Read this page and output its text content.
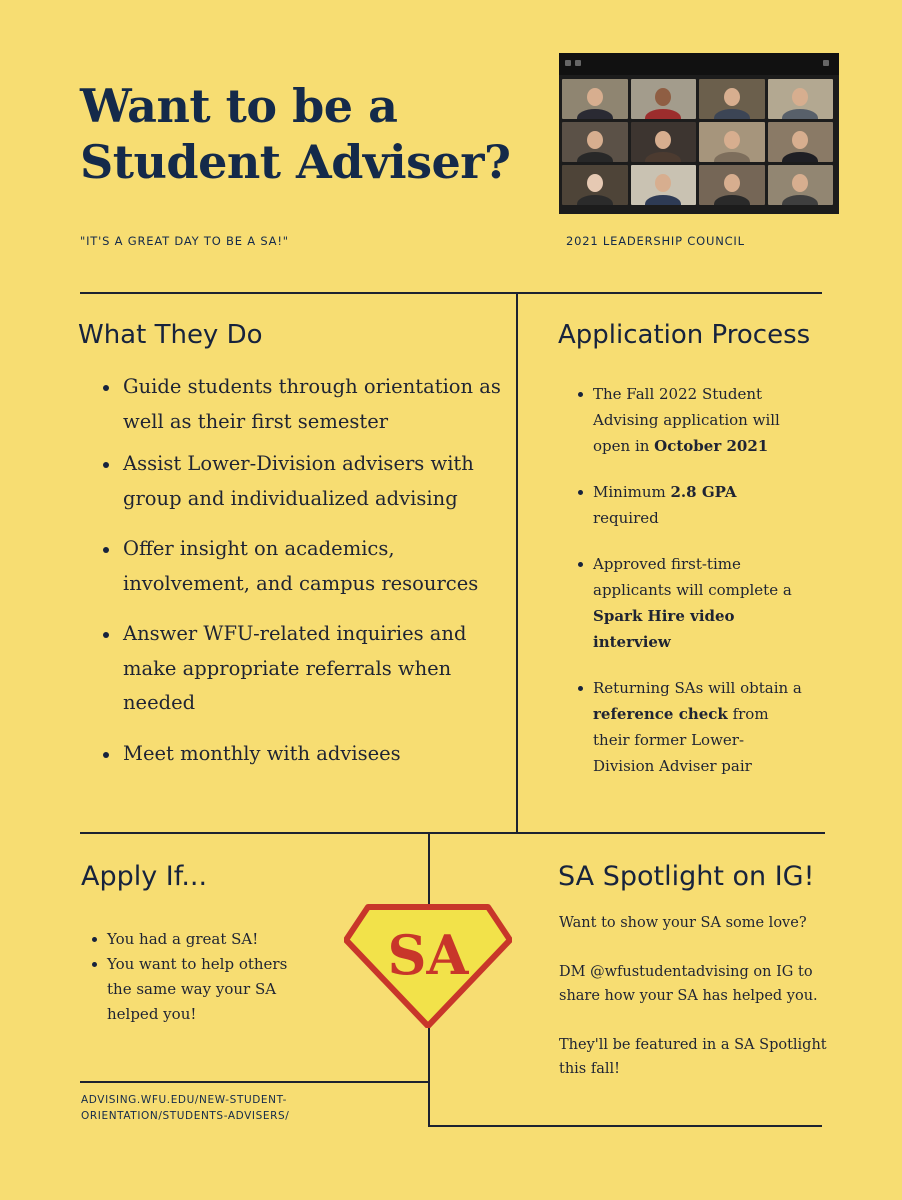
Want to be a Student Adviser?
"IT'S A GREAT DAY TO BE A SA!"	2021 LEADERSHIP COUNCIL
What They Do
Guide students through orientation as well as their first semester
Assist Lower-Division advisers with group and individualized advising
Offer insight on academics, involvement, and campus resources
Answer WFU-related inquiries and make appropriate referrals when needed
Meet monthly with advisees
Application Process
The Fall 2022 Student Advising application will open in October 2021
Minimum 2.8 GPA required
Approved first-time applicants will complete a Spark Hire video interview
Returning SAs will obtain a reference check from their former Lower-Division Adviser pair
Apply If...
You had a great SA!
You want to help others the same way your SA helped you!
SA
SA Spotlight on IG!

Want to show your SA some love?

DM @wfustudentadvising on IG to share how your SA has helped you.

They'll be featured in a SA Spotlight this fall!

ADVISING.WFU.EDU/NEW-STUDENT-ORIENTATION/STUDENTS-ADVISERS/
